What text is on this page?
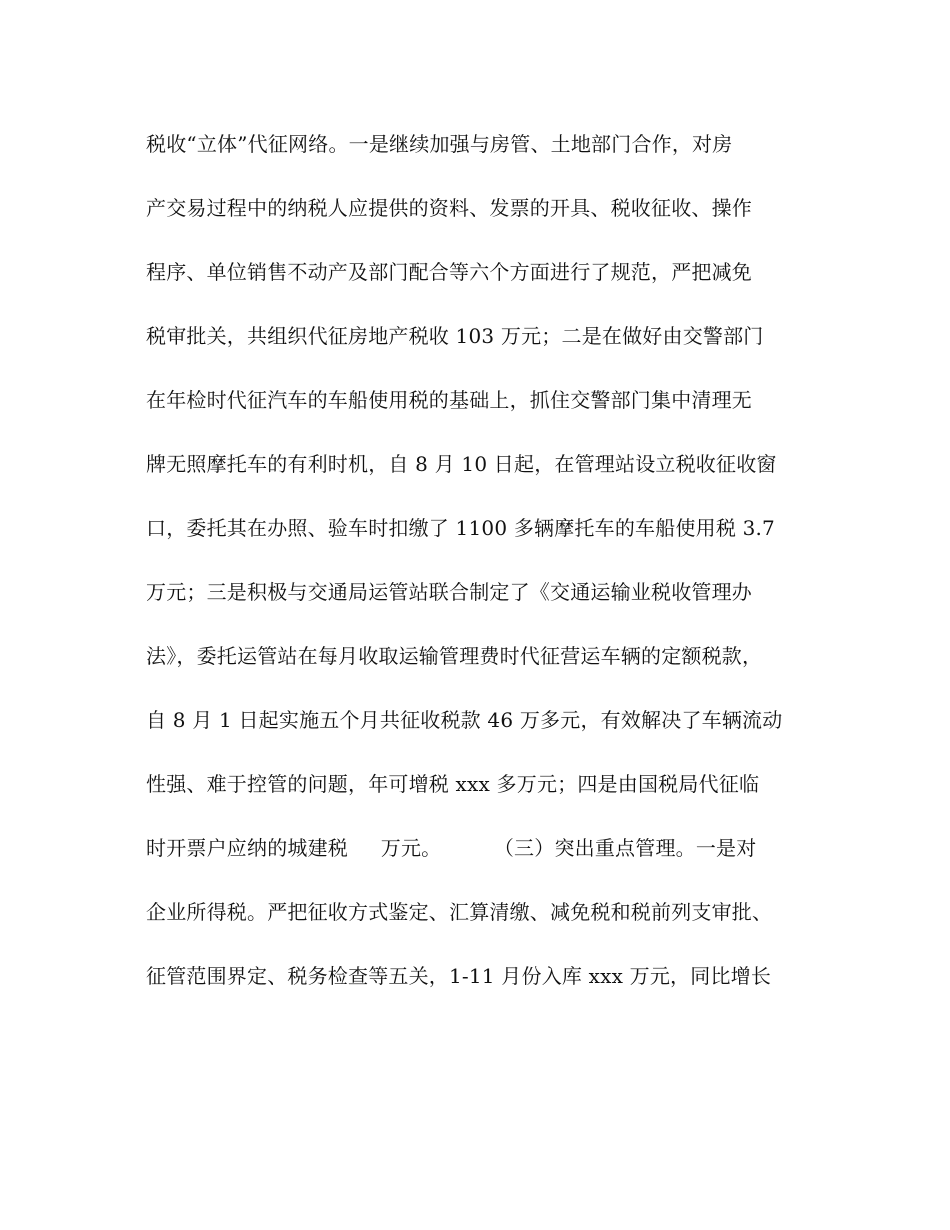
税收“立体”代征网络。一是继续加强与房管、土地部门合作，对房
产交易过程中的纳税人应提供的资料、发票的开具、税收征收、操作
程序、单位销售不动产及部门配合等六个方面进行了规范，严把减免
税审批关，共组织代征房地产税收 103 万元；二是在做好由交警部门
在年检时代征汽车的车船使用税的基础上，抓住交警部门集中清理无
牌无照摩托车的有利时机，自 8 月 10 日起，在管理站设立税收征收窗
口，委托其在办照、验车时扣缴了 1100 多辆摩托车的车船使用税 3.7
万元；三是积极与交通局运管站联合制定了《交通运输业税收管理办
法》，委托运管站在每月收取运输管理费时代征营运车辆的定额税款，
自 8 月 1 日起实施五个月共征收税款 46 万多元，有效解决了车辆流动
性强、难于控管的问题，年可增税 xxx 多万元；四是由国税局代征临
时开票户应纳的城建税     万元。        （三）突出重点管理。一是对
企业所得税。严把征收方式鉴定、汇算清缴、减免税和税前列支审批、
征管范围界定、税务检查等五关，1-11 月份入库 xxx 万元，同比增长
